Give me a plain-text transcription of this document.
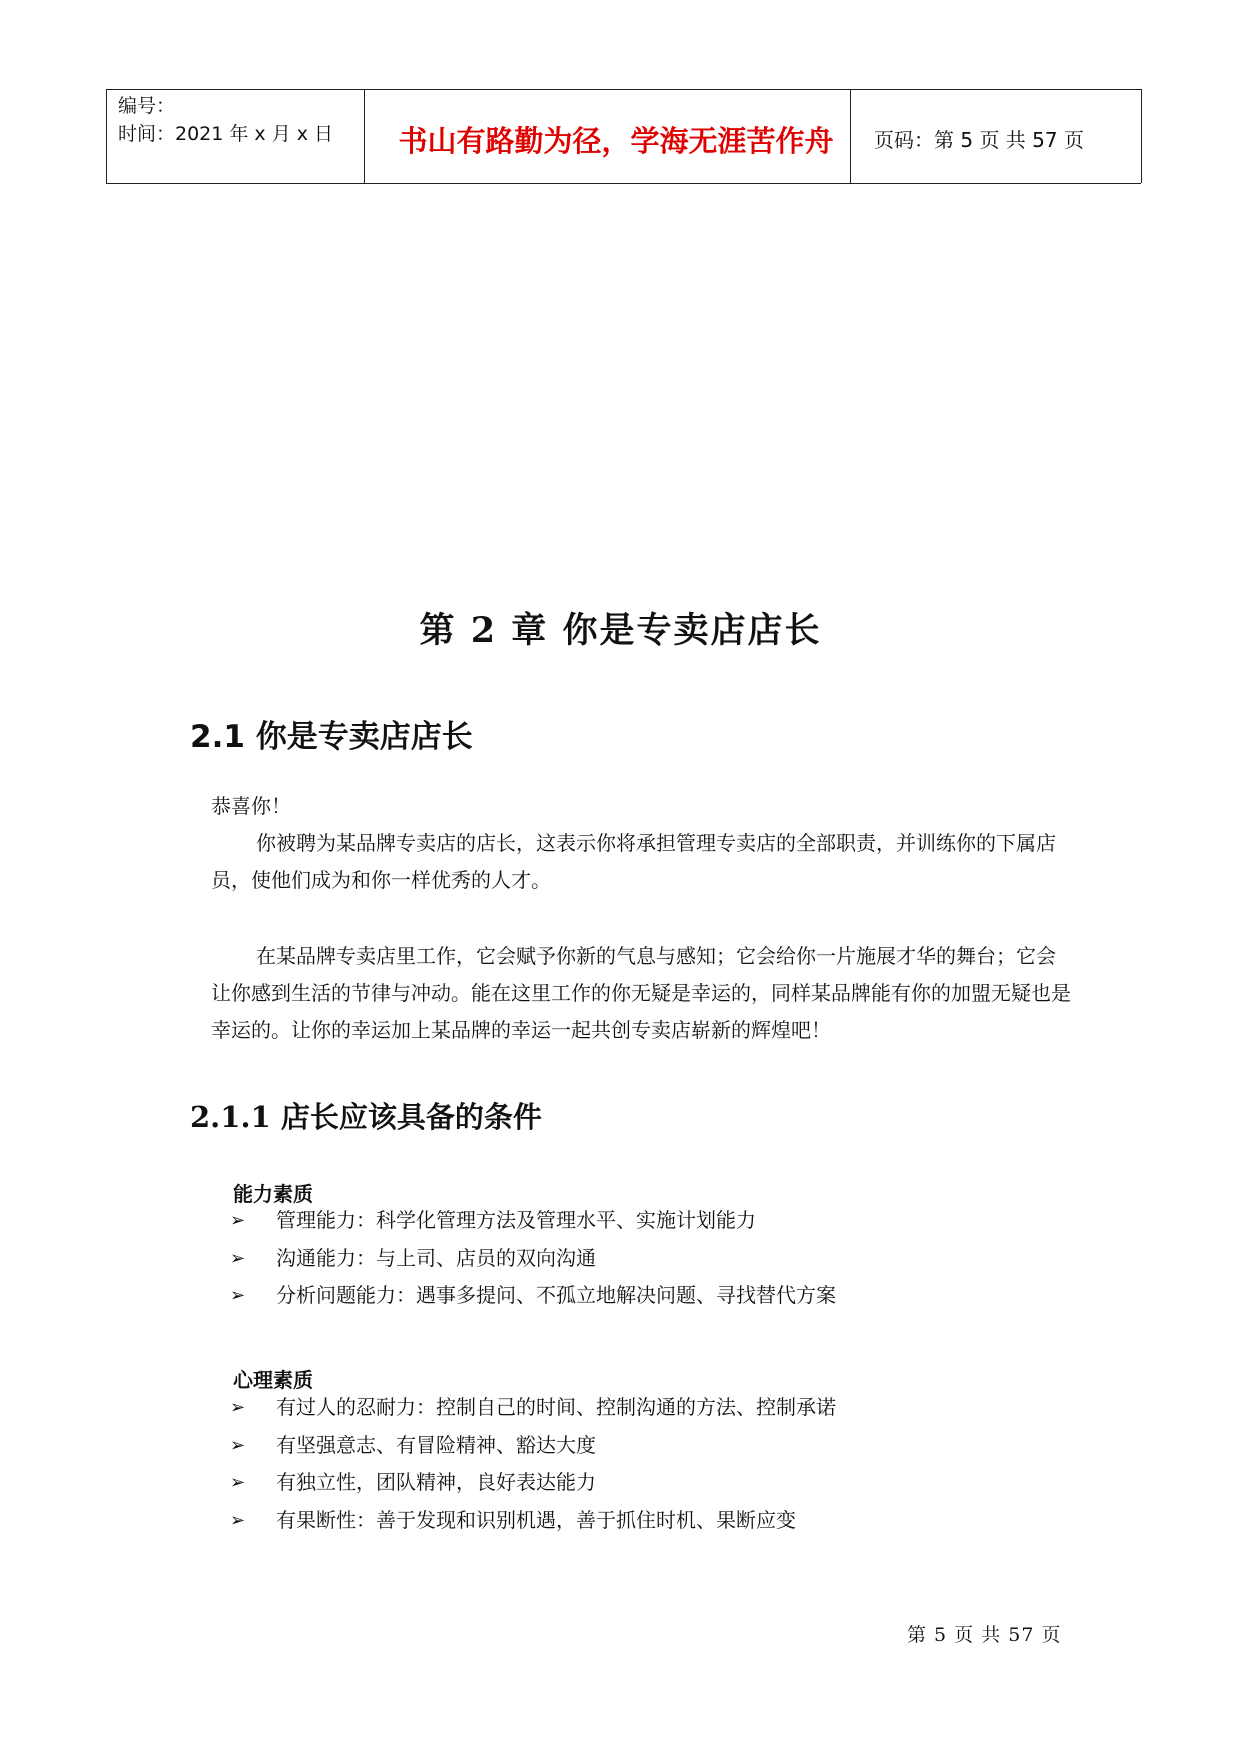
编号：
时间：2021 年 x 月 x 日	书山有路勤为径，学海无涯苦作舟	页码：第 5 页 共 57 页
第 2 章 你是专卖店店长
2.1 你是专卖店店长

恭喜你！

你被聘为某品牌专卖店的店长，这表示你将承担管理专卖店的全部职责，并训练你的下属店员，使他们成为和你一样优秀的人才。

在某品牌专卖店里工作，它会赋予你新的气息与感知；它会给你一片施展才华的舞台；它会让你感到生活的节律与冲动。能在这里工作的你无疑是幸运的，同样某品牌能有你的加盟无疑也是幸运的。让你的幸运加上某品牌的幸运一起共创专卖店崭新的辉煌吧！

2.1.1 店长应该具备的条件
能力素质
➢	管理能力：科学化管理方法及管理水平、实施计划能力
➢	沟通能力：与上司、店员的双向沟通
➢	分析问题能力：遇事多提问、不孤立地解决问题、寻找替代方案
心理素质
➢	有过人的忍耐力：控制自己的时间、控制沟通的方法、控制承诺
➢	有坚强意志、有冒险精神、豁达大度
➢	有独立性，团队精神，良好表达能力
➢	有果断性：善于发现和识别机遇，善于抓住时机、果断应变
第 5 页 共 57 页
